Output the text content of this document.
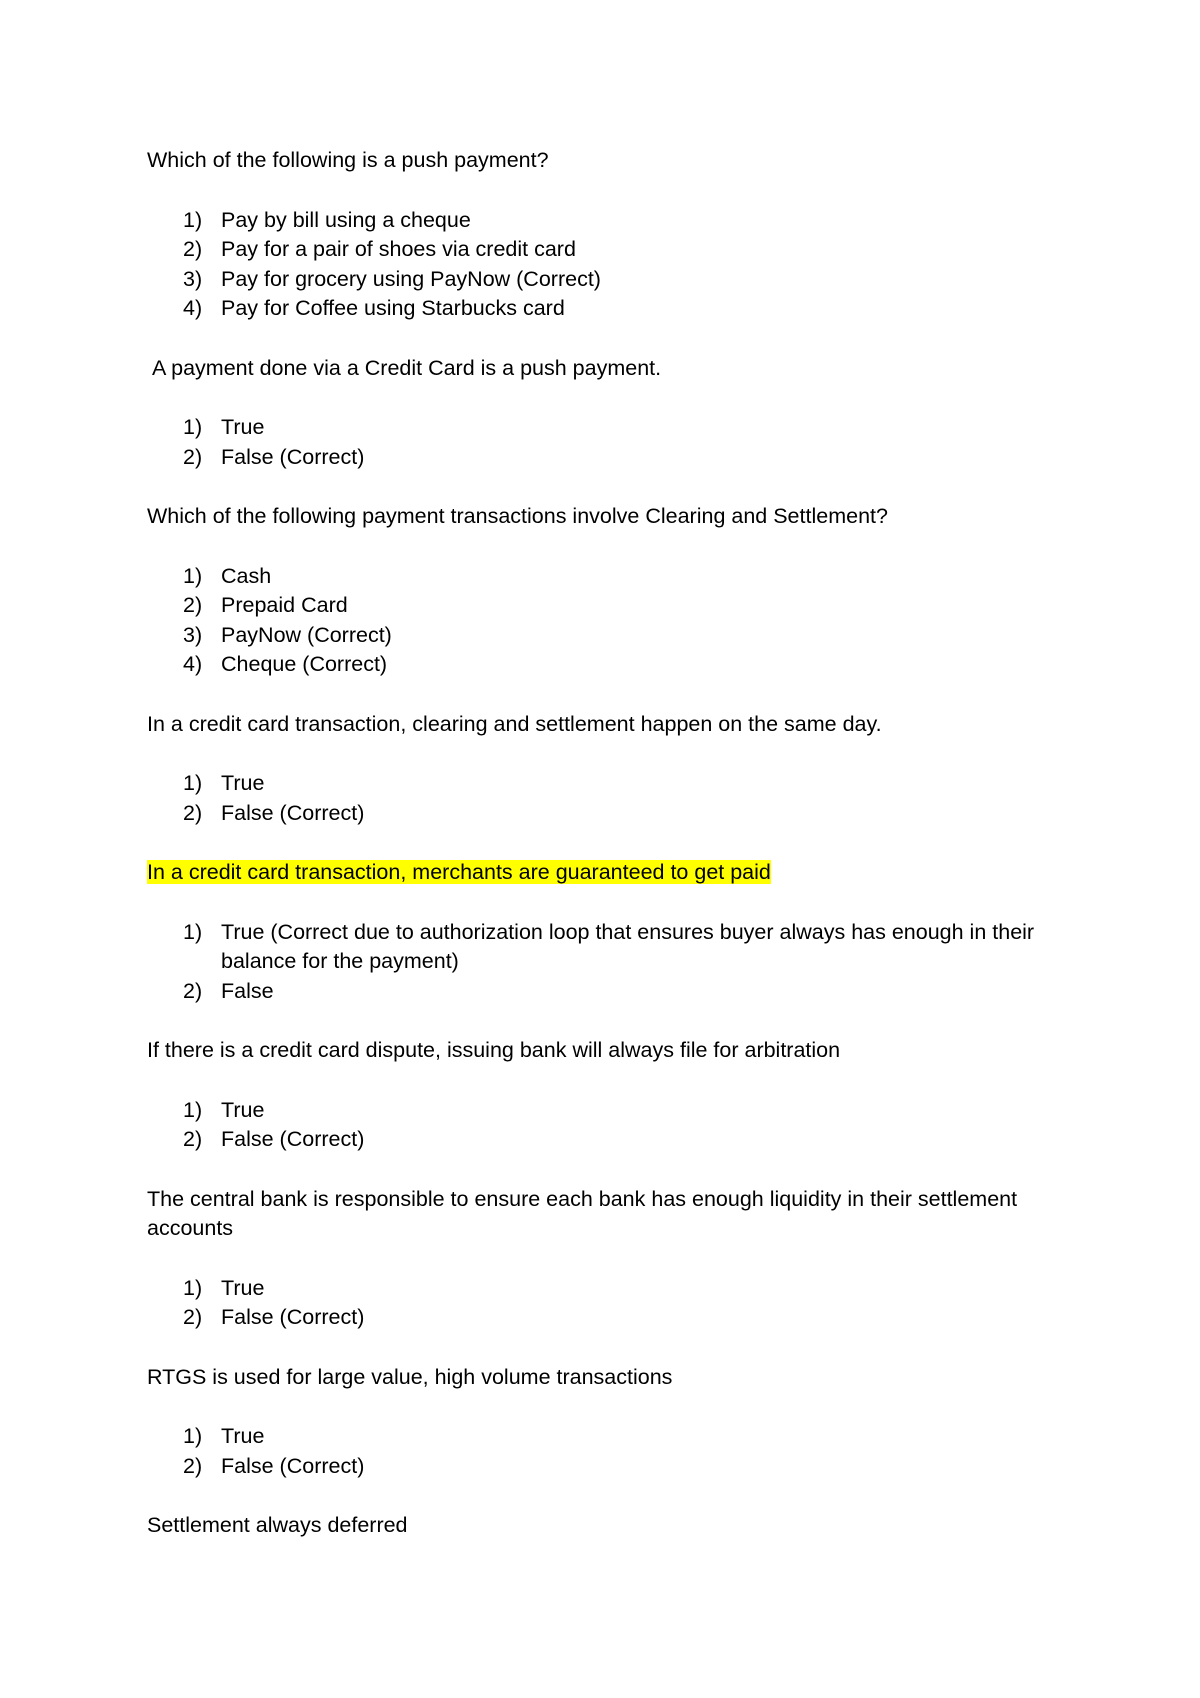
Which of the following is a push payment?

1) Pay by bill using a cheque
2) Pay for a pair of shoes via credit card
3) Pay for grocery using PayNow (Correct)
4) Pay for Coffee using Starbucks card

A payment done via a Credit Card is a push payment.

1) True
2) False (Correct)

Which of the following payment transactions involve Clearing and Settlement?

1) Cash
2) Prepaid Card
3) PayNow (Correct)
4) Cheque (Correct)

In a credit card transaction, clearing and settlement happen on the same day.

1) True
2) False (Correct)

In a credit card transaction, merchants are guaranteed to get paid

1) True (Correct due to authorization loop that ensures buyer always has enough in their balance for the payment)
2) False

If there is a credit card dispute, issuing bank will always file for arbitration

1) True
2) False (Correct)

The central bank is responsible to ensure each bank has enough liquidity in their settlement accounts

1) True
2) False (Correct)

RTGS is used for large value, high volume transactions

1) True
2) False (Correct)

Settlement always deferred
